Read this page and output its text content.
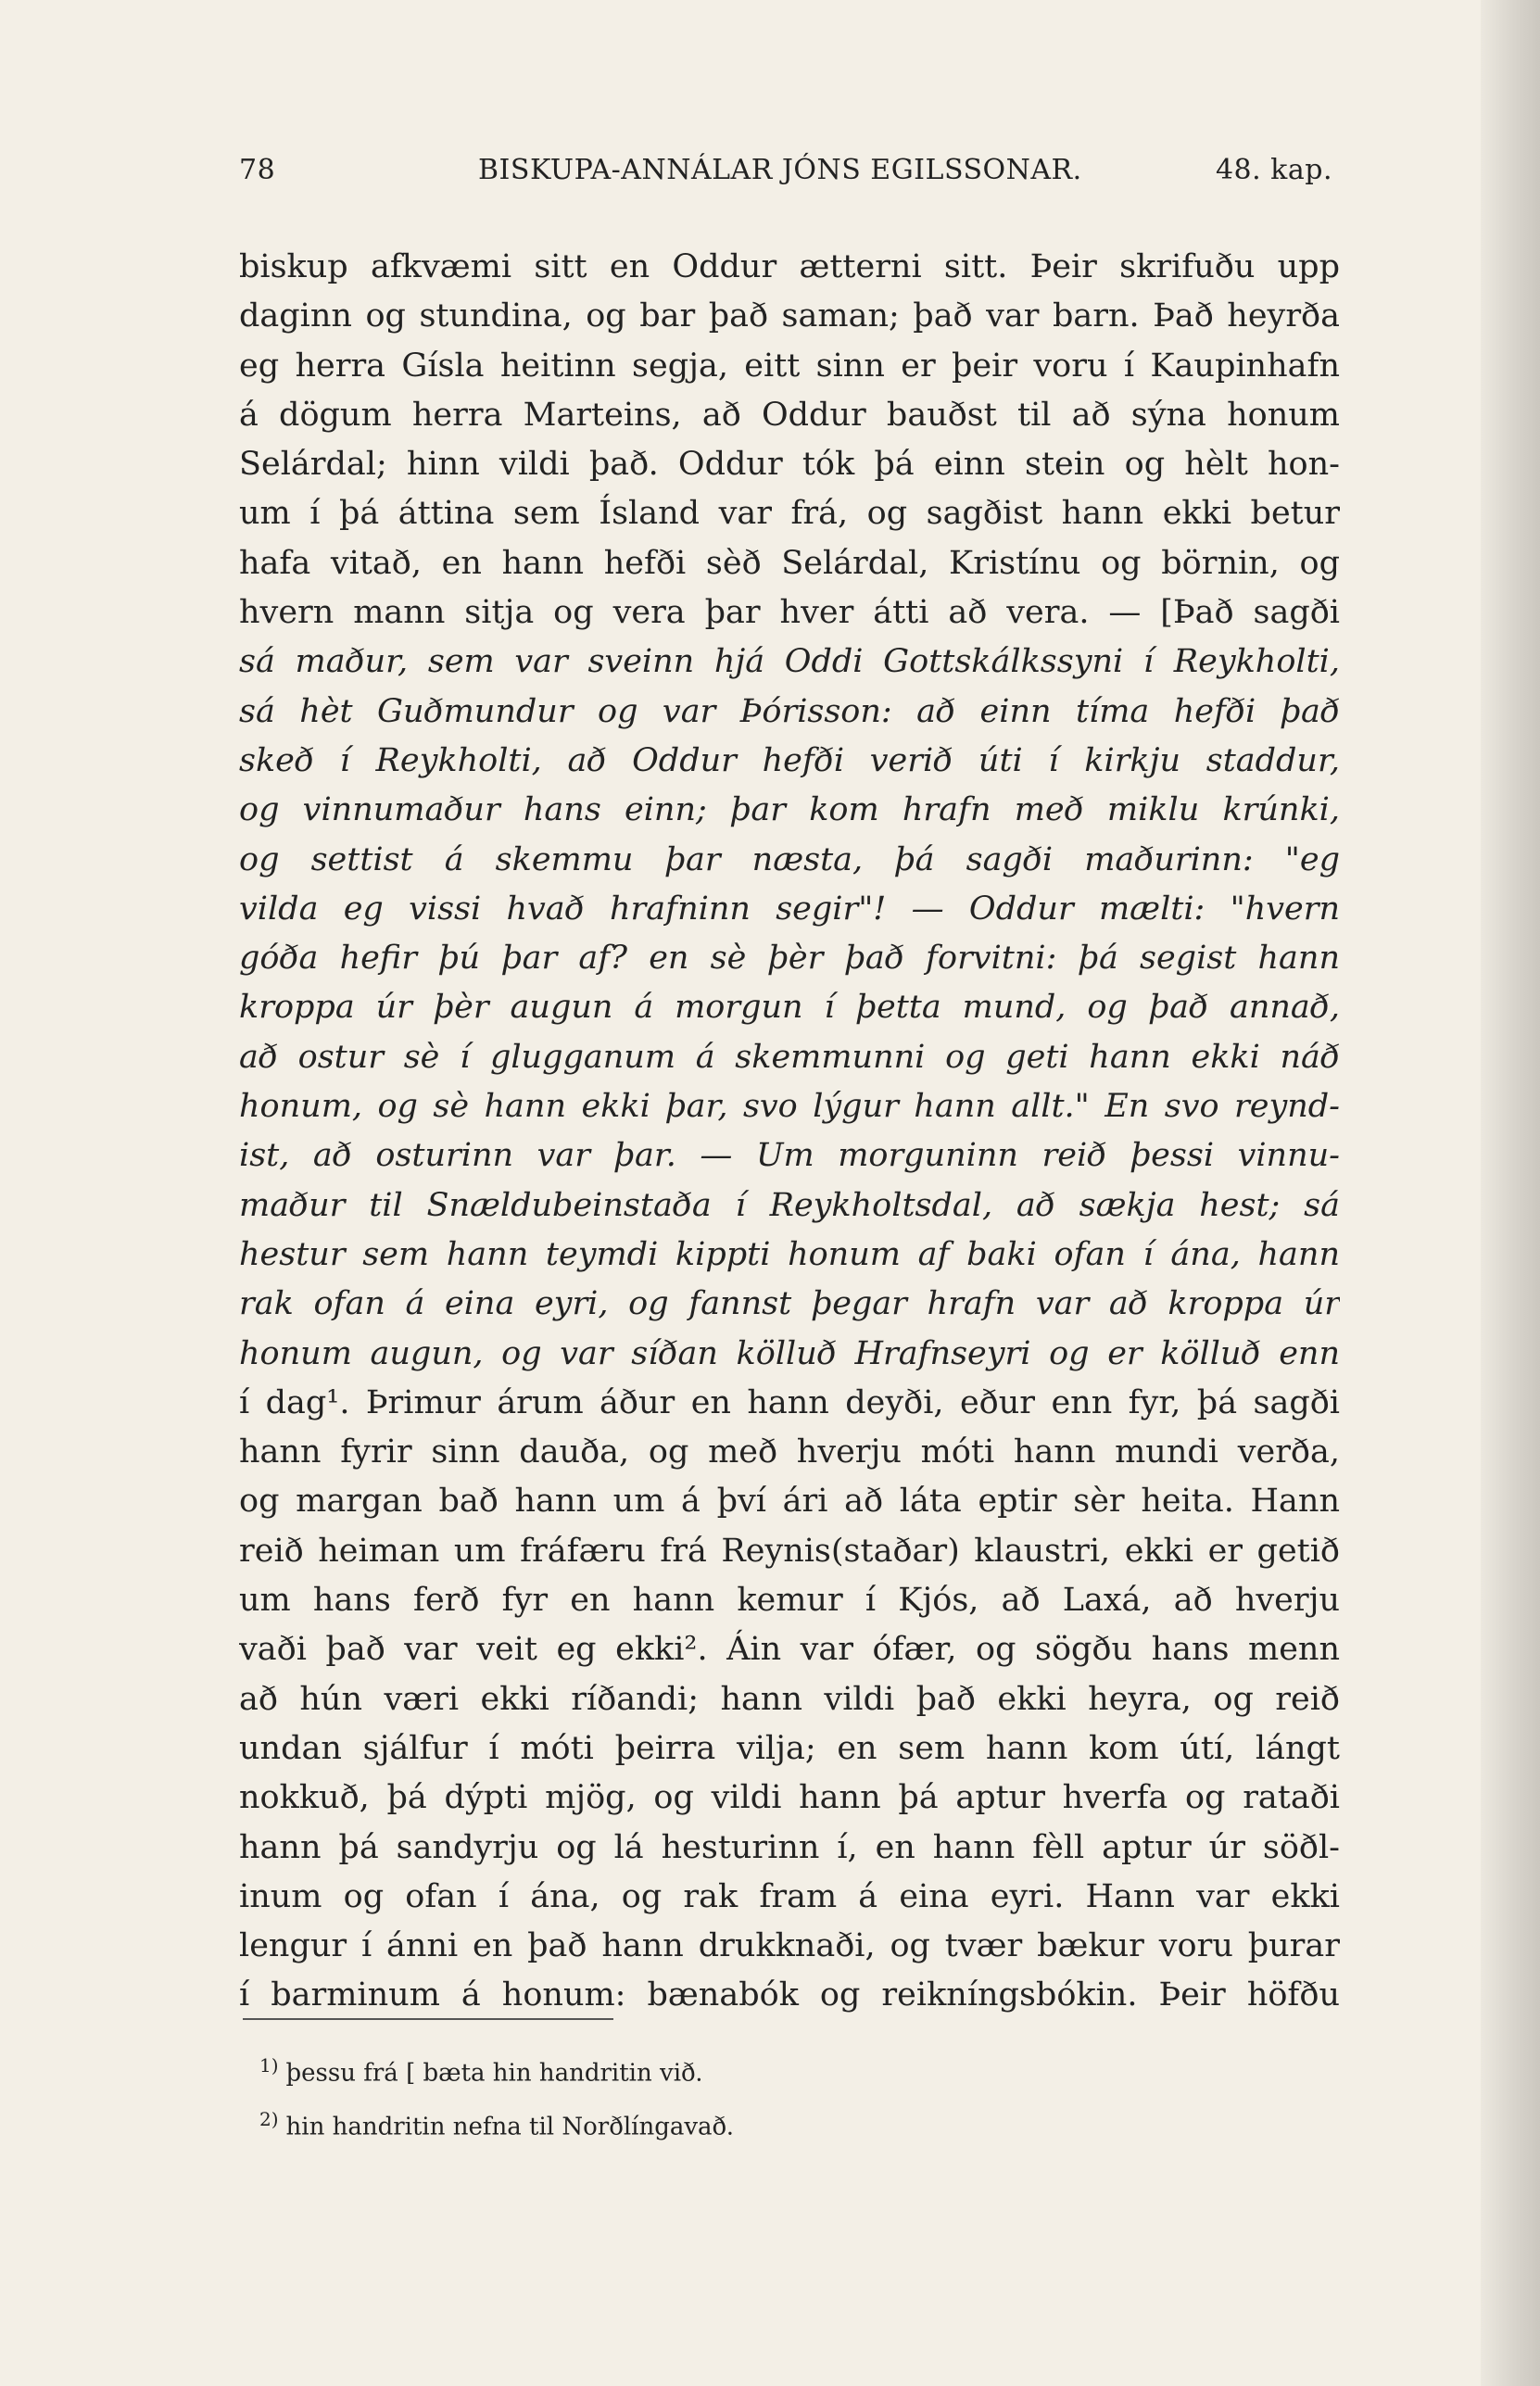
78	BISKUPA-ANNÁLAR JÓNS EGILSSONAR.	48. kap.
biskup afkvæmi sitt en Oddur ætterni sitt. Þeir skrifuðu upp
daginn og stundina, og bar það saman; það var barn. Það heyrða
eg herra Gísla heitinn segja, eitt sinn er þeir voru í Kaupinhafn
á dögum herra Marteins, að Oddur bauðst til að sýna honum
Selárdal; hinn vildi það. Oddur tók þá einn stein og hèlt hon-
um í þá áttina sem Ísland var frá, og sagðist hann ekki betur
hafa vitað, en hann hefði sèð Selárdal, Kristínu og börnin, og
hvern mann sitja og vera þar hver átti að vera. — [Það sagði
sá maður, sem var sveinn hjá Oddi Gottskálkssyni í Reykholti,
sá hèt Guðmundur og var Þórisson: að einn tíma hefði það
skeð í Reykholti, að Oddur hefði verið úti í kirkju staddur,
og vinnumaður hans einn; þar kom hrafn með miklu krúnki,
og settist á skemmu þar næsta, þá sagði maðurinn: "eg
vilda eg vissi hvað hrafninn segir"! — Oddur mælti: "hvern
góða hefir þú þar af? en sè þèr það forvitni: þá segist hann
kroppa úr þèr augun á morgun í þetta mund, og það annað,
að ostur sè í glugganum á skemmunni og geti hann ekki náð
honum, og sè hann ekki þar, svo lýgur hann allt." En svo reynd-
ist, að osturinn var þar. — Um morguninn reið þessi vinnu-
maður til Snældubeinstaða í Reykholtsdal, að sækja hest; sá
hestur sem hann teymdi kippti honum af baki ofan í ána, hann
rak ofan á eina eyri, og fannst þegar hrafn var að kroppa úr
honum augun, og var síðan kölluð Hrafnseyri og er kölluð enn
í dag¹. Þrimur árum áður en hann deyði, eður enn fyr, þá sagði
hann fyrir sinn dauða, og með hverju móti hann mundi verða,
og margan bað hann um á því ári að láta eptir sèr heita. Hann
reið heiman um fráfæru frá Reynis(staðar) klaustri, ekki er getið
um hans ferð fyr en hann kemur í Kjós, að Laxá, að hverju
vaði það var veit eg ekki². Áin var ófær, og sögðu hans menn
að hún væri ekki ríðandi; hann vildi það ekki heyra, og reið
undan sjálfur í móti þeirra vilja; en sem hann kom útí, lángt
nokkuð, þá dýpti mjög, og vildi hann þá aptur hverfa og rataði
hann þá sandyrju og lá hesturinn í, en hann fèll aptur úr söðl-
inum og ofan í ána, og rak fram á eina eyri. Hann var ekki
lengur í ánni en það hann drukknaði, og tvær bækur voru þurar
í barminum á honum: bænabók og reikníngsbókin. Þeir höfðu
$^{1)}$ þessu frá [ bæta hin handritin við.
$^{2)}$ hin handritin nefna til Norðlíngavað.
